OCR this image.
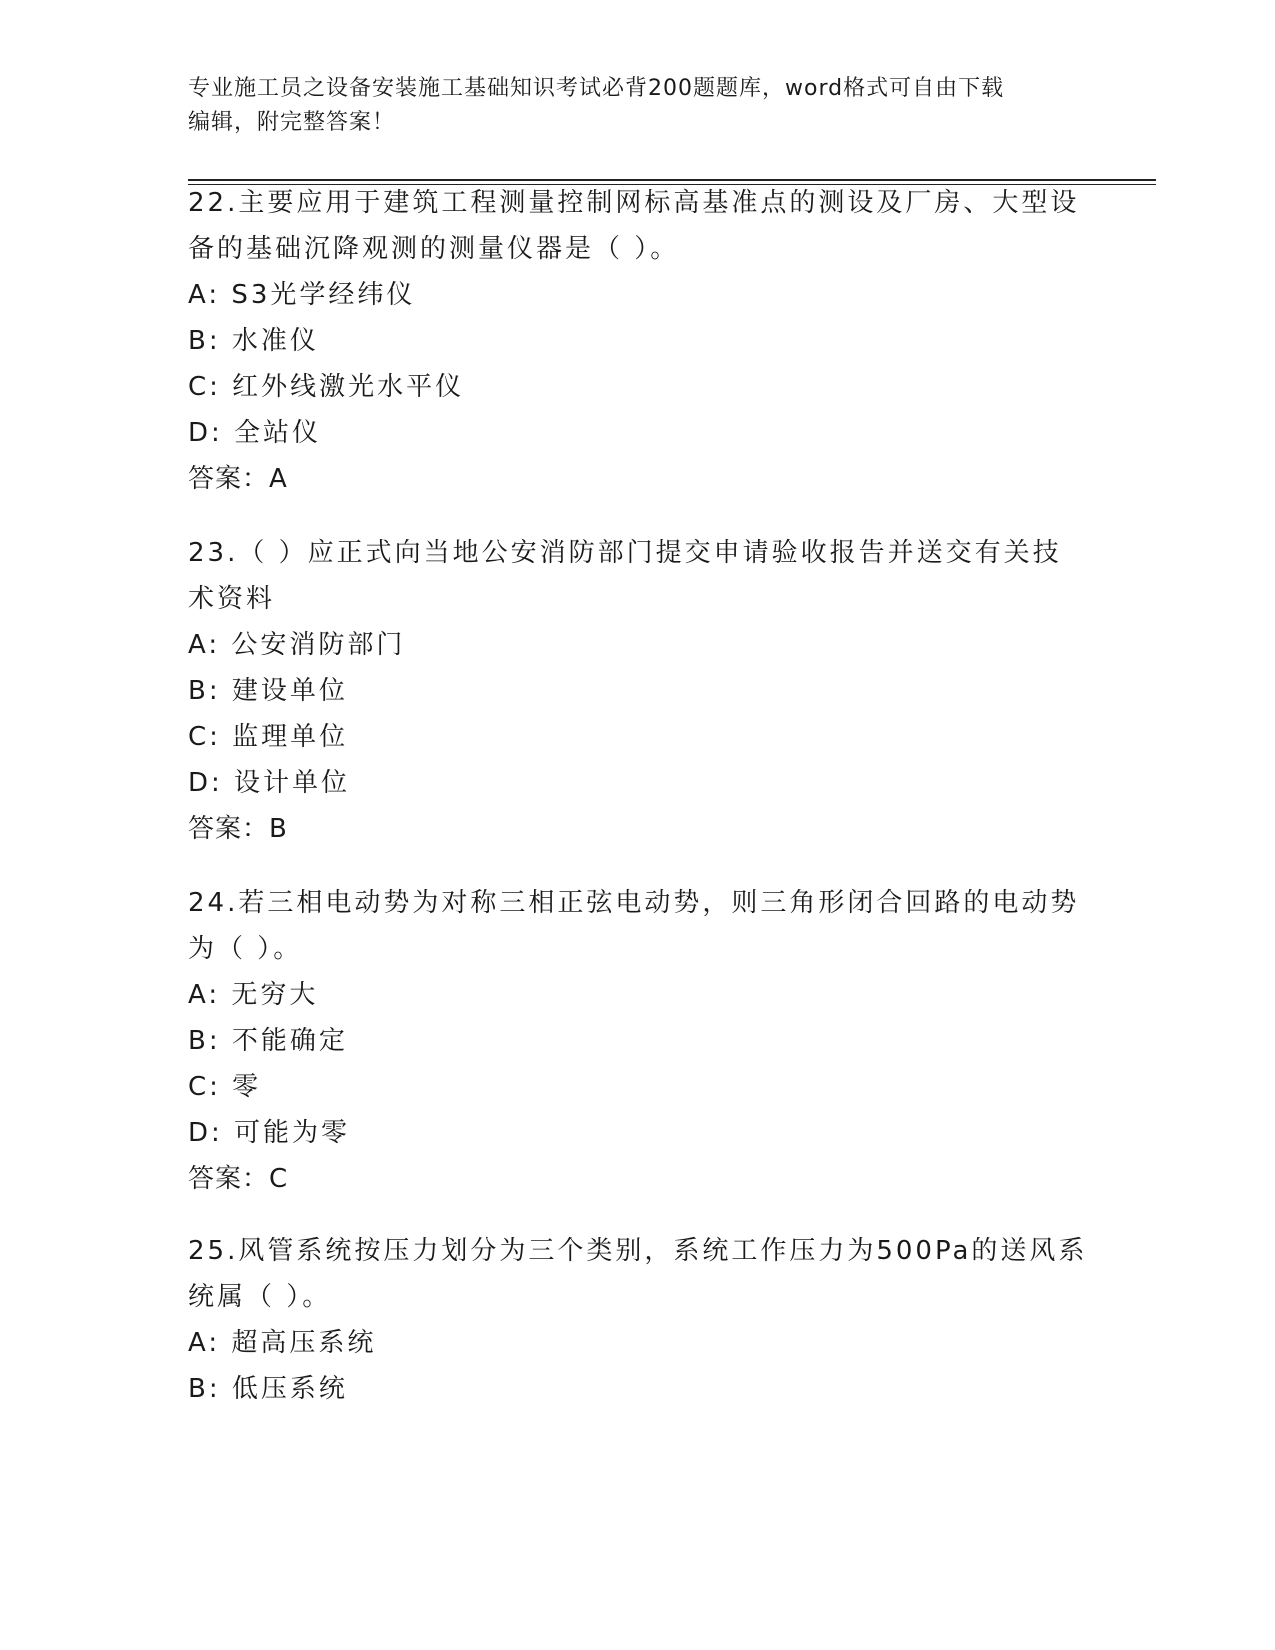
专业施工员之设备安装施工基础知识考试必背200题题库，word格式可自由下载
编辑，附完整答案！
22.主要应用于建筑工程测量控制网标高基准点的测设及厂房、大型设
备的基础沉降观测的测量仪器是（ ）。
A: S3光学经纬仪
B: 水准仪
C: 红外线激光水平仪
D: 全站仪
答案：A
23.（ ）应正式向当地公安消防部门提交申请验收报告并送交有关技
术资料
A: 公安消防部门
B: 建设单位
C: 监理单位
D: 设计单位
答案：B
24.若三相电动势为对称三相正弦电动势，则三角形闭合回路的电动势
为（ ）。
A: 无穷大
B: 不能确定
C: 零
D: 可能为零
答案：C
25.风管系统按压力划分为三个类别，系统工作压力为500Pa的送风系
统属（ ）。
A: 超高压系统
B: 低压系统
